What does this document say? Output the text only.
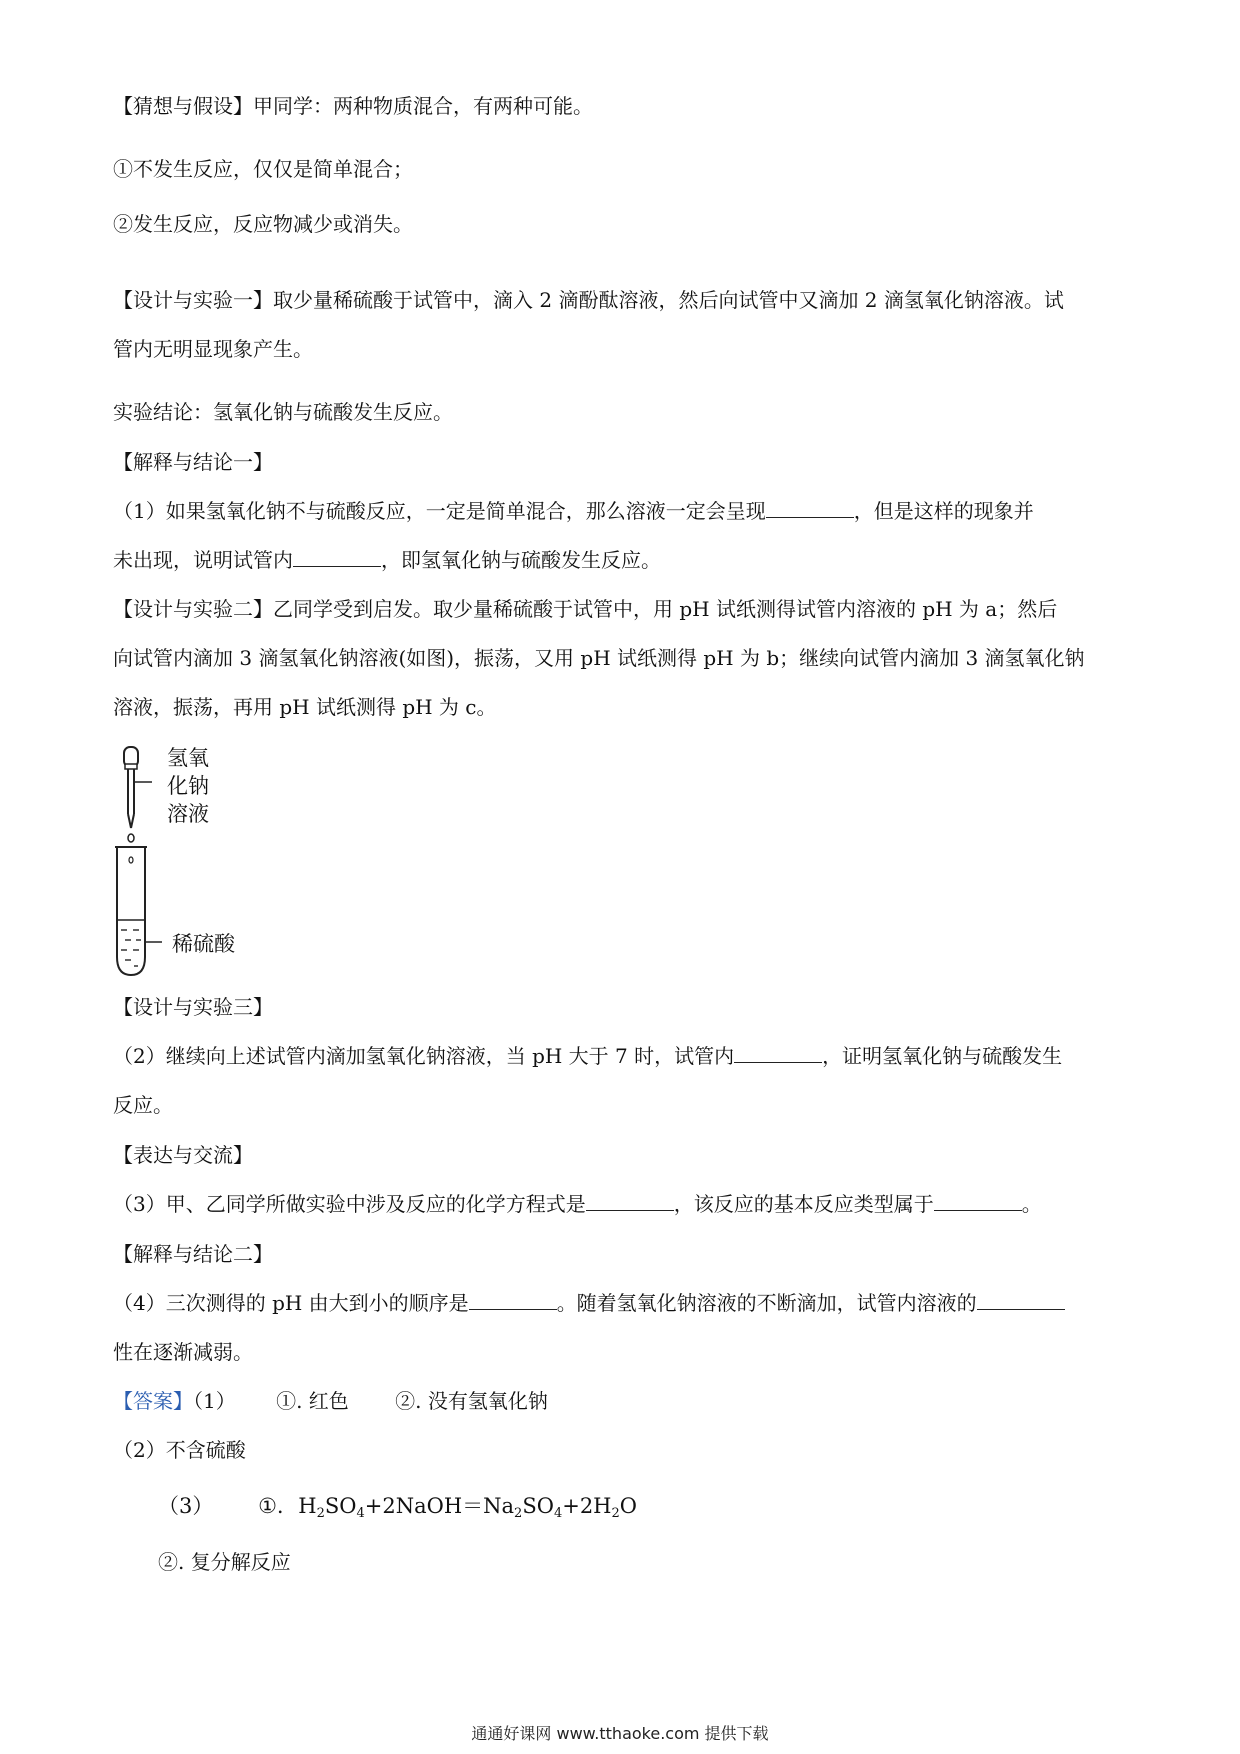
【猜想与假设】甲同学：两种物质混合，有两种可能。
①不发生反应，仅仅是简单混合；
②发生反应，反应物减少或消失。
【设计与实验一】取少量稀硫酸于试管中，滴入 2 滴酚酞溶液，然后向试管中又滴加 2 滴氢氧化钠溶液。试
管内无明显现象产生。
实验结论：氢氧化钠与硫酸发生反应。
【解释与结论一】
（1）如果氢氧化钠不与硫酸反应，一定是简单混合，那么溶液一定会呈现	，但是这样的现象并
未出现，说明试管内	，即氢氧化钠与硫酸发生反应。
【设计与实验二】乙同学受到启发。取少量稀硫酸于试管中，用 pH 试纸测得试管内溶液的 pH 为 a；然后
向试管内滴加 3 滴氢氧化钠溶液(如图)，振荡，又用 pH 试纸测得 pH 为 b；继续向试管内滴加 3 滴氢氧化钠
溶液，振荡，再用 pH 试纸测得 pH 为 c。
氢氧
化钠
溶液
稀硫酸
【设计与实验三】
（2）继续向上述试管内滴加氢氧化钠溶液，当 pH 大于 7 时，试管内	，证明氢氧化钠与硫酸发生
反应。
【表达与交流】
（3）甲、乙同学所做实验中涉及反应的化学方程式是	，该反应的基本反应类型属于	。
【解释与结论二】
（4）三次测得的 pH 由大到小的顺序是	。随着氢氧化钠溶液的不断滴加，试管内溶液的
性在逐渐减弱。
【答案】（1） ①. 红色 ②. 没有氢氧化钠
（2）不含硫酸
（3） ①. $H_2SO_4+2NaOH=Na_2SO_4+2H_2O$
②. 复分解反应
通通好课网 www.tthaoke.com 提供下载
